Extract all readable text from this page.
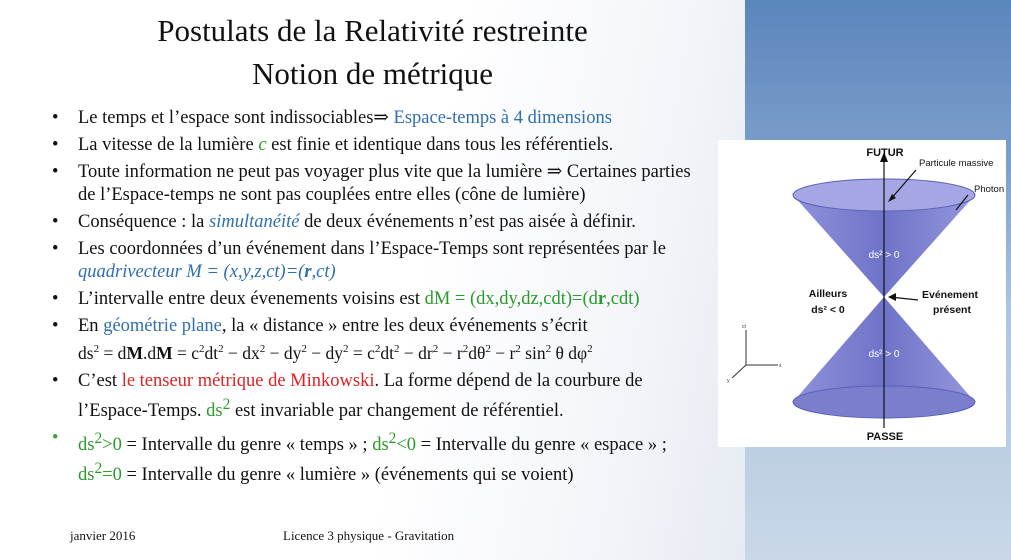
Postulats de la Relativité restreinte
Notion de métrique
• Le temps et l’espace sont indissociables⇒ Espace-temps à 4 dimensions
• La vitesse de la lumière c est finie et identique dans tous les référentiels.
• Toute information ne peut pas voyager plus vite que la lumière ⇒ Certaines parties de l’Espace-temps ne sont pas couplées entre elles (cône de lumière)
• Conséquence : la simultanéité de deux événements n’est pas aisée à définir.
• Les coordonnées d’un événement dans l’Espace-Temps sont représentées par le quadrivecteur M = (x,y,z,ct)=(r,ct)
• L’intervalle entre deux évenements voisins est dM = (dx,dy,dz,cdt)=(dr,cdt)
• En géométrie plane, la « distance » entre les deux événements s’écrit
$ds^2 = dM.dM = c^2dt^2 - dx^2 - dy^2 - dy^2 = c^2dt^2 - dr^2 - r^2d\theta^2 - r^2$ $\sin^2 \theta$ $d\varphi^2$
• C’est le tenseur métrique de Minkowski. La forme dépend de la courbure de l’Espace-Temps. $ds^2$ est invariable par changement de référentiel.
• $ds^2>0$ = Intervalle du genre « temps » ; $ds^2<0$ = Intervalle du genre « espace » ; $ds^2=0$ = Intervalle du genre « lumière » (événements qui se voient)
janvier 2016	Licence 3 physique - Gravitation
FUTUR
Particule massive
Photon
ds² > 0
Ailleurs
ds² < 0
Evénement
présent
ds² > 0
PASSE
ct
x
y
